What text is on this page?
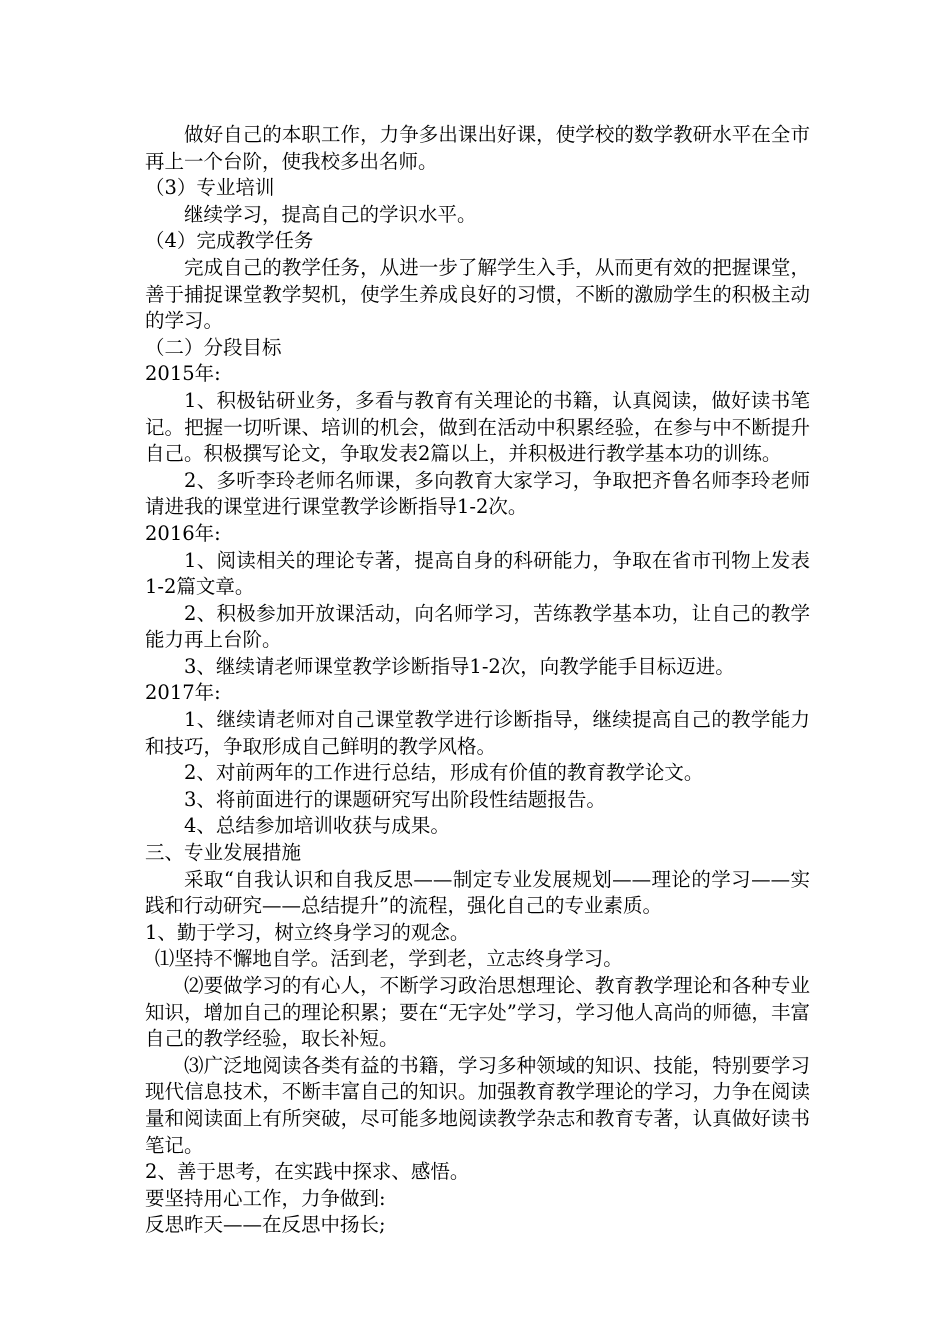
做好自己的本职工作，力争多出课出好课，使学校的数学教研水平在全市再上一个台阶，使我校多出名师。

（3）专业培训

继续学习，提高自己的学识水平。

（4）完成教学任务

完成自己的教学任务，从进一步了解学生入手，从而更有效的把握课堂，善于捕捉课堂教学契机，使学生养成良好的习惯，不断的激励学生的积极主动的学习。

（二）分段目标

2015年:

1、积极钻研业务，多看与教育有关理论的书籍，认真阅读，做好读书笔记。把握一切听课、培训的机会，做到在活动中积累经验，在参与中不断提升自己。积极撰写论文，争取发表2篇以上，并积极进行教学基本功的训练。

2、多听李玲老师名师课，多向教育大家学习，争取把齐鲁名师李玲老师请进我的课堂进行课堂教学诊断指导1-2次。

2016年:

1、阅读相关的理论专著，提高自身的科研能力，争取在省市刊物上发表1-2篇文章。

2、积极参加开放课活动，向名师学习，苦练教学基本功，让自己的教学能力再上台阶。

3、继续请老师课堂教学诊断指导1-2次，向教学能手目标迈进。

2017年:

1、继续请老师对自己课堂教学进行诊断指导，继续提高自己的教学能力和技巧，争取形成自己鲜明的教学风格。

2、对前两年的工作进行总结，形成有价值的教育教学论文。

3、将前面进行的课题研究写出阶段性结题报告。

4、总结参加培训收获与成果。

三、专业发展措施

采取“自我认识和自我反思——制定专业发展规划——理论的学习——实践和行动研究——总结提升”的流程，强化自己的专业素质。

1、勤于学习，树立终身学习的观念。

⑴坚持不懈地自学。活到老，学到老，立志终身学习。

⑵要做学习的有心人，不断学习政治思想理论、教育教学理论和各种专业知识，增加自己的理论积累；要在“无字处”学习，学习他人高尚的师德，丰富自己的教学经验，取长补短。

⑶广泛地阅读各类有益的书籍，学习多种领域的知识、技能，特别要学习现代信息技术，不断丰富自己的知识。加强教育教学理论的学习，力争在阅读量和阅读面上有所突破，尽可能多地阅读教学杂志和教育专著，认真做好读书笔记。

2、善于思考，在实践中探求、感悟。

要坚持用心工作，力争做到:

反思昨天——在反思中扬长;
